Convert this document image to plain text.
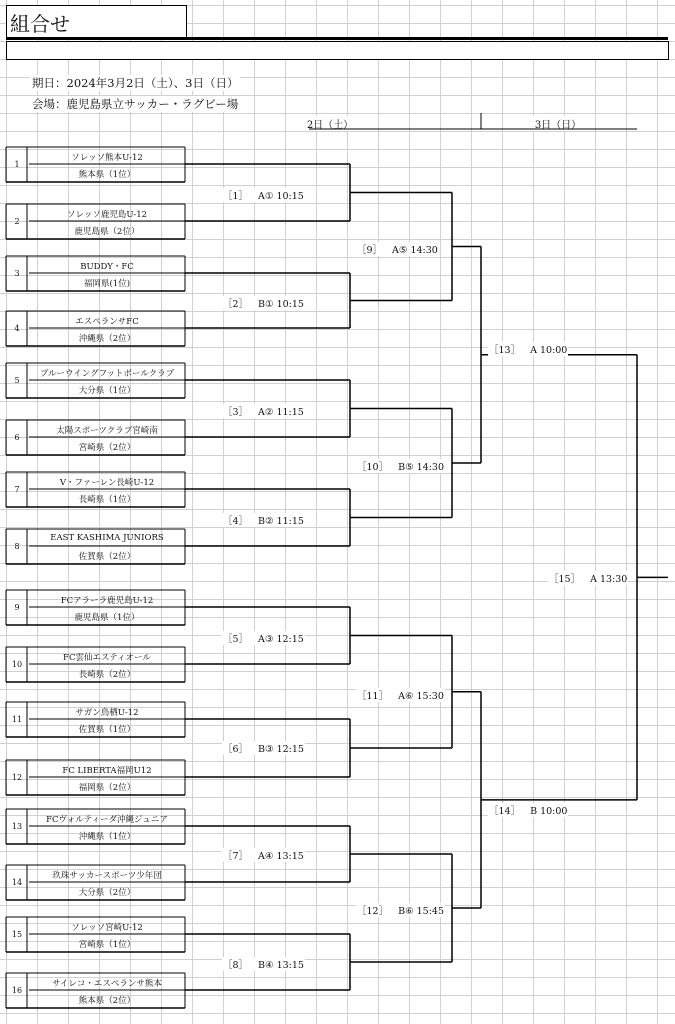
組合せ
期日：2024年3月2日（土）、3日（日）
会場：鹿児島県立サッカー・ラグビー場
2日（土）	3日（日）
1
ソレッソ熊本U-12
熊本県（1位）
2
ソレッソ鹿児島U-12
鹿児島県（2位）
3
BUDDY・FC
福岡県(1位)
4
エスペランサFC
沖縄県（2位）
5
ブルーウイングフットボールクラブ
大分県（1位）
6
太陽スポーツクラブ宮崎南
宮崎県（2位）
7
V・ファーレン長崎U-12
長崎県（1位）
8
EAST KASHIMA JUNIORS
佐賀県（2位）
9
FCアラーラ鹿児島U-12
鹿児島県（1位）
10
FC雲仙エスティオール
長崎県（2位）
11
サガン鳥栖U-12
佐賀県（1位）
12
FC LIBERTA福岡U12
福岡県（2位）
13
FCヴォルティーダ沖縄ジュニア
沖縄県（1位）
14
玖珠サッカースポーツ少年団
大分県（2位）
15
ソレッソ宮崎U-12
宮崎県（1位）
16
サイレコ・エスペランサ熊本
熊本県（2位）
［1］ A① 10:15
［2］ B① 10:15
［3］ A② 11:15
［4］ B② 11:15
［5］ A③ 12:15
［6］ B③ 12:15
［7］ A④ 13:15
［8］ B④ 13:15
［9］ A⑤ 14:30
［10］ B⑤ 14:30
［11］ A⑥ 15:30
［12］ B⑥ 15:45
［13］ A 10:00
［14］ B 10:00
［15］ A 13:30
